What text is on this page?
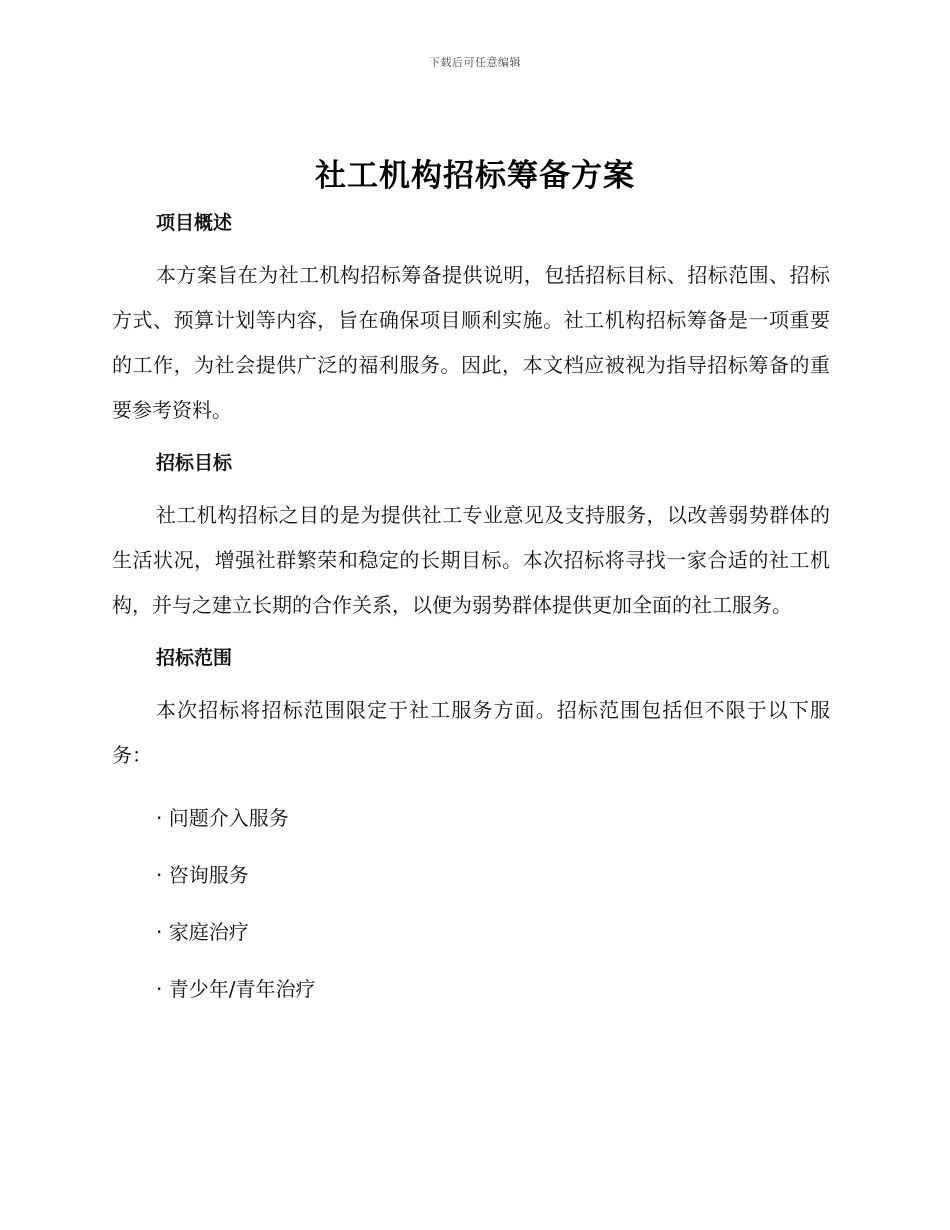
下载后可任意编辑
社工机构招标筹备方案
项目概述

本方案旨在为社工机构招标筹备提供说明，包括招标目标、招标范围、招标方式、预算计划等内容，旨在确保项目顺利实施。社工机构招标筹备是一项重要的工作，为社会提供广泛的福利服务。因此，本文档应被视为指导招标筹备的重要参考资料。

招标目标

社工机构招标之目的是为提供社工专业意见及支持服务，以改善弱势群体的生活状况，增强社群繁荣和稳定的长期目标。本次招标将寻找一家合适的社工机构，并与之建立长期的合作关系，以便为弱势群体提供更加全面的社工服务。

招标范围

本次招标将招标范围限定于社工服务方面。招标范围包括但不限于以下服务：

· 问题介入服务
· 咨询服务
· 家庭治疗
· 青少年/青年治疗
